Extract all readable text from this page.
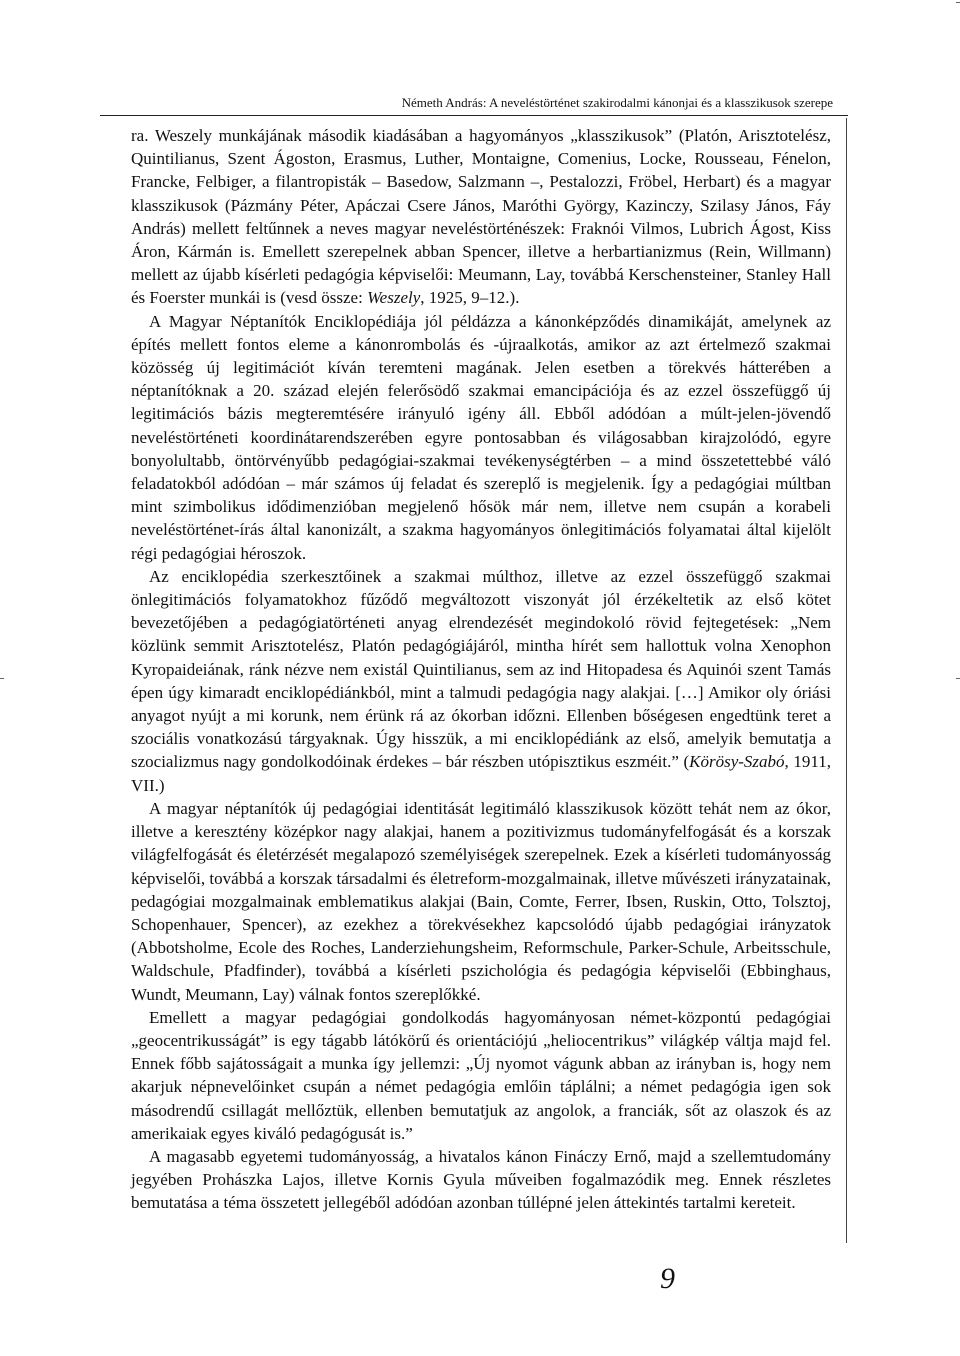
Németh András: A neveléstörténet szakirodalmi kánonjai és a klasszikusok szerepe

ra. Weszely munkájának második kiadásában a hagyományos „klasszikusok” (Platón, Arisztotelész, Quintilianus, Szent Ágoston, Erasmus, Luther, Montaigne, Comenius, Locke, Rousseau, Fénelon, Francke, Felbiger, a filantropisták – Basedow, Salzmann –, Pestalozzi, Fröbel, Herbart) és a magyar klasszikusok (Pázmány Péter, Apáczai Csere János, Maróthi György, Kazinczy, Szilasy János, Fáy András) mellett feltűnnek a neves magyar neveléstörténészek: Fraknói Vilmos, Lubrich Ágost, Kiss Áron, Kármán is. Emellett szerepelnek abban Spencer, illetve a herbartianizmus (Rein, Willmann) mellett az újabb kísérleti pedagógia képviselői: Meumann, Lay, továbbá Kerschensteiner, Stanley Hall és Foerster munkái is (vesd össze: Weszely, 1925, 9–12.).

A Magyar Néptanítók Enciklopédiája jól példázza a kánonképződés dinamikáját, amelynek az építés mellett fontos eleme a kánonrombolás és -újraalkotás, amikor az azt értelmező szakmai közösség új legitimációt kíván teremteni magának. Jelen esetben a törekvés hátterében a néptanítóknak a 20. század elején felerősödő szakmai emancipációja és az ezzel összefüggő új legitimációs bázis megteremtésére irányuló igény áll. Ebből adódóan a múlt-jelen-jövendő neveléstörténeti koordinátarendszerében egyre pontosabban és világosabban kirajzolódó, egyre bonyolultabb, öntörvényűbb pedagógiai-szakmai tevékenységtérben – a mind összetettebbé váló feladatokból adódóan – már számos új feladat és szereplő is megjelenik. Így a pedagógiai múltban mint szimbolikus idődimenzióban megjelenő hősök már nem, illetve nem csupán a korabeli neveléstörténet-írás által kanonizált, a szakma hagyományos önlegitimációs folyamatai által kijelölt régi pedagógiai héroszok.

Az enciklopédia szerkesztőinek a szakmai múlthoz, illetve az ezzel összefüggő szakmai önlegitimációs folyamatokhoz fűződő megváltozott viszonyát jól érzékeltetik az első kötet bevezetőjében a pedagógiatörténeti anyag elrendezését megindokoló rövid fejtegetések: „Nem közlünk semmit Arisztotelész, Platón pedagógiájáról, mintha hírét sem hallottuk volna Xenophon Kyropaideiának, ránk nézve nem existál Quintilianus, sem az ind Hitopadesa és Aquinói szent Tamás épen úgy kimaradt enciklopédiánkból, mint a talmudi pedagógia nagy alakjai. […] Amikor oly óriási anyagot nyújt a mi korunk, nem érünk rá az ókorban időzni. Ellenben bőségesen engedtünk teret a szociális vonatkozású tárgyaknak. Úgy hisszük, a mi enciklopédiánk az első, amelyik bemutatja a szocializmus nagy gondolkodóinak érdekes – bár részben utópisztikus eszméit.” (Körösy-Szabó, 1911, VII.)

A magyar néptanítók új pedagógiai identitását legitimáló klasszikusok között tehát nem az ókor, illetve a keresztény középkor nagy alakjai, hanem a pozitivizmus tudományfelfogását és a korszak világfelfogását és életérzését megalapozó személyiségek szerepelnek. Ezek a kísérleti tudományosság képviselői, továbbá a korszak társadalmi és életreform-mozgalmainak, illetve művészeti irányzatainak, pedagógiai mozgalmainak emblematikus alakjai (Bain, Comte, Ferrer, Ibsen, Ruskin, Otto, Tolsztoj, Schopenhauer, Spencer), az ezekhez a törekvésekhez kapcsolódó újabb pedagógiai irányzatok (Abbotsholme, Ecole des Roches, Landerziehungsheim, Reformschule, Parker-Schule, Arbeitsschule, Waldschule, Pfadfinder), továbbá a kísérleti pszichológia és pedagógia képviselői (Ebbinghaus, Wundt, Meumann, Lay) válnak fontos szereplőkké.

Emellett a magyar pedagógiai gondolkodás hagyományosan német-központú pedagógiai „geocentrikusságát” is egy tágabb látókörű és orientációjú „heliocentrikus” világkép váltja majd fel. Ennek főbb sajátosságait a munka így jellemzi: „Új nyomot vágunk abban az irányban is, hogy nem akarjuk népnevelőinket csupán a német pedagógia emlőin táplálni; a német pedagógia igen sok másodrendű csillagát mellőztük, ellenben bemutatjuk az angolok, a franciák, sőt az olaszok és az amerikaiak egyes kiváló pedagógusát is.”

A magasabb egyetemi tudományosság, a hivatalos kánon Fináczy Ernő, majd a szellemtudomány jegyében Prohászka Lajos, illetve Kornis Gyula műveiben fogalmazódik meg. Ennek részletes bemutatása a téma összetett jellegéből adódóan azonban túllépné jelen áttekintés tartalmi kereteit.

9
